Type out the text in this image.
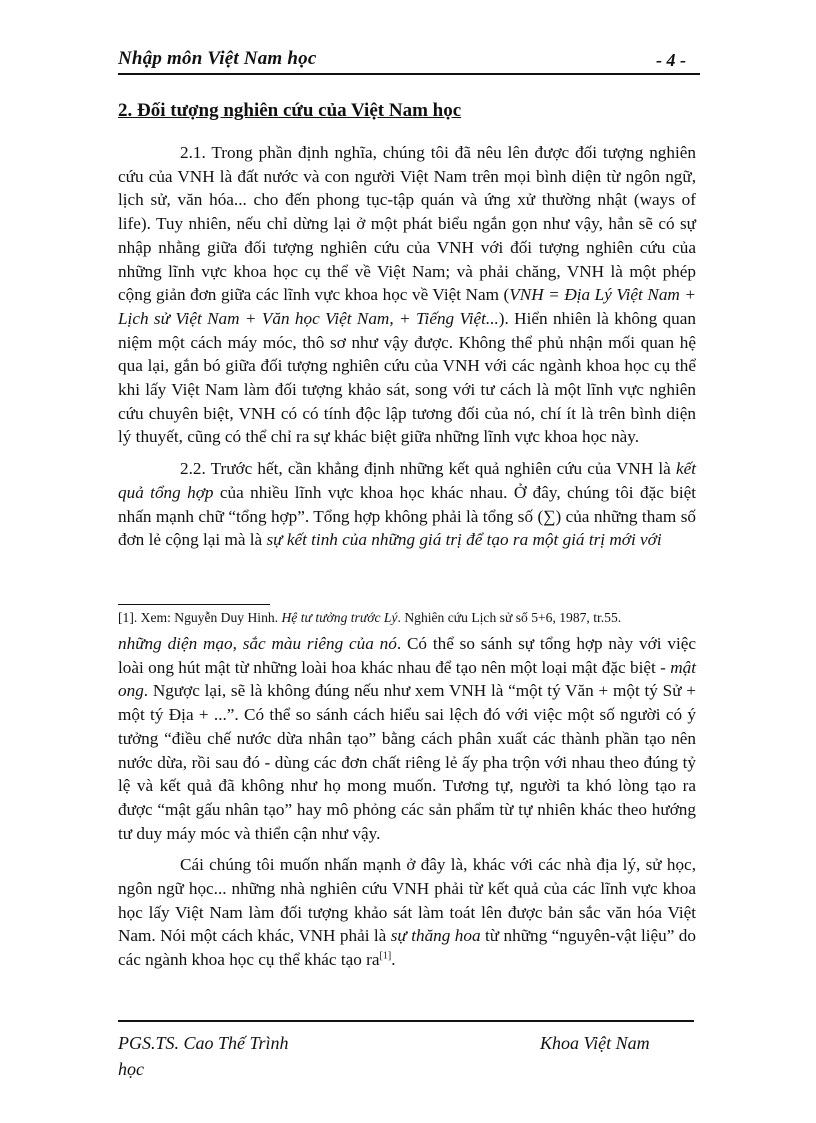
Nhập môn Việt Nam học	- 4 -
2. Đối tượng nghiên cứu của Việt Nam học

2.1. Trong phần định nghĩa, chúng tôi đã nêu lên được đối tượng nghiên cứu của VNH là đất nước và con người Việt Nam trên mọi bình diện từ ngôn ngữ, lịch sử, văn hóa... cho đến phong tục-tập quán và ứng xử thường nhật (ways of life). Tuy nhiên, nếu chỉ dừng lại ở một phát biểu ngắn gọn như vậy, hẳn sẽ có sự nhập nhằng giữa đối tượng nghiên cứu của VNH với đối tượng nghiên cứu của những lĩnh vực khoa học cụ thể về Việt Nam; và phải chăng, VNH là một phép cộng giản đơn giữa các lĩnh vực khoa học về Việt Nam (VNH = Địa Lý Việt Nam + Lịch sử Việt Nam + Văn học Việt Nam, + Tiếng Việt...). Hiển nhiên là không quan niệm một cách máy móc, thô sơ như vậy được. Không thể phủ nhận mối quan hệ qua lại, gắn bó giữa đối tượng nghiên cứu của VNH với các ngành khoa học cụ thể khi lấy Việt Nam làm đối tượng khảo sát, song với tư cách là một lĩnh vực nghiên cứu chuyên biệt, VNH có có tính độc lập tương đối của nó, chí ít là trên bình diện lý thuyết, cũng có thể chỉ ra sự khác biệt giữa những lĩnh vực khoa học này.

2.2. Trước hết, cần khẳng định những kết quả nghiên cứu của VNH là kết quả tổng hợp của nhiều lĩnh vực khoa học khác nhau. Ở đây, chúng tôi đặc biệt nhấn mạnh chữ “tổng hợp”. Tổng hợp không phải là tổng số (∑) của những tham số đơn lẻ cộng lại mà là sự kết tinh của những giá trị để tạo ra một giá trị mới với

[1]. Xem: Nguyễn Duy Hinh. Hệ tư tưởng trước Lý. Nghiên cứu Lịch sử số 5+6, 1987, tr.55.

những diện mạo, sắc màu riêng của nó. Có thể so sánh sự tổng hợp này với việc loài ong hút mật từ những loài hoa khác nhau để tạo nên một loại mật đặc biệt - mật ong. Ngược lại, sẽ là không đúng nếu như xem VNH là “một tý Văn + một tý Sử + một tý Địa + ...”. Có thể so sánh cách hiểu sai lệch đó với việc một số người có ý tưởng “điều chế nước dừa nhân tạo” bằng cách phân xuất các thành phần tạo nên nước dừa, rồi sau đó - dùng các đơn chất riêng lẻ ấy pha trộn với nhau theo đúng tỷ lệ và kết quả đã không như họ mong muốn. Tương tự, người ta khó lòng tạo ra được “mật gấu nhân tạo” hay mô phỏng các sản phẩm từ tự nhiên khác theo hướng tư duy máy móc và thiển cận như vậy.

Cái chúng tôi muốn nhấn mạnh ở đây là, khác với các nhà địa lý, sử học, ngôn ngữ học... những nhà nghiên cứu VNH phải từ kết quả của các lĩnh vực khoa học lấy Việt Nam làm đối tượng khảo sát làm toát lên được bản sắc văn hóa Việt Nam. Nói một cách khác, VNH phải là sự thăng hoa từ những “nguyên-vật liệu” do các ngành khoa học cụ thể khác tạo ra[1].

PGS.TS. Cao Thế Trình
học
Khoa Việt Nam
